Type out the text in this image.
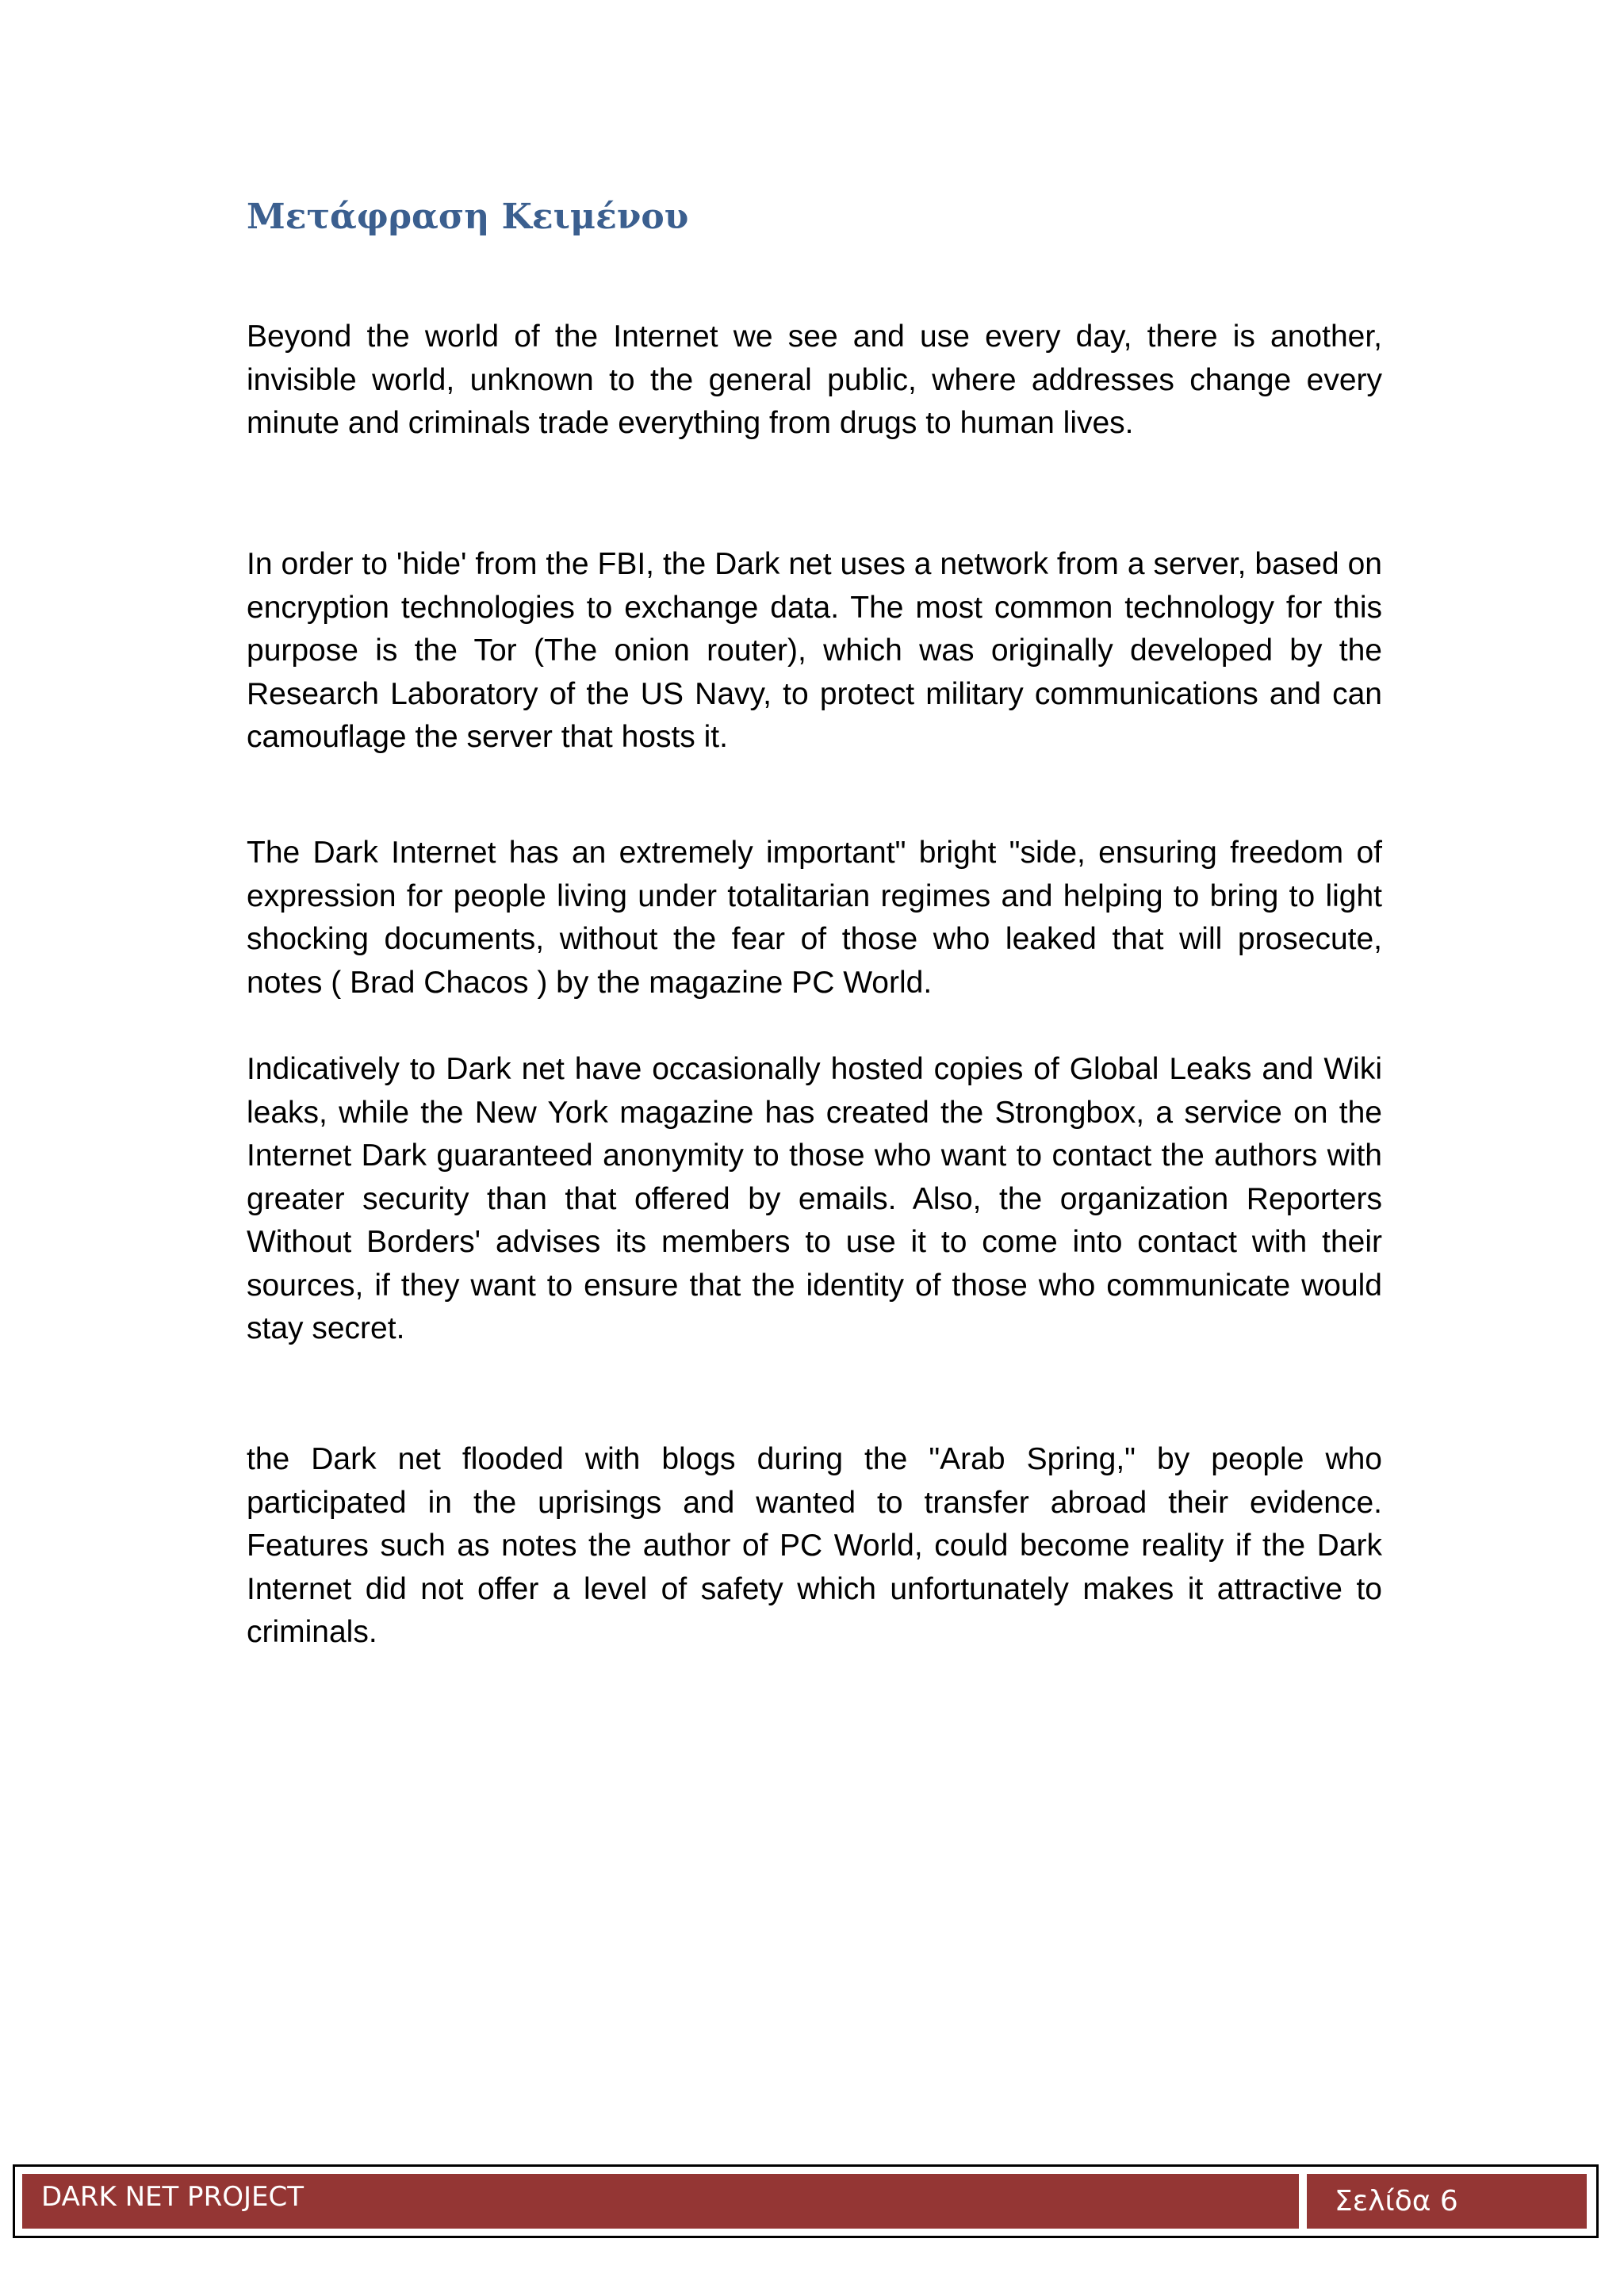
Μετάφραση Κειμένου

Beyond the world of the Internet we see and use every day, there is another, invisible world, unknown to the general public, where addresses change every minute and criminals trade everything from drugs to human lives.

In order to 'hide' from the FBI, the Dark net uses a network from a server, based on encryption technologies to exchange data. The most common technology for this purpose is the Tor (The onion router), which was originally developed by the Research Laboratory of the US Navy, to protect military communications and can camouflage the server that hosts it.

The Dark Internet has an extremely important" bright "side, ensuring freedom of expression for people living under totalitarian regimes and helping to bring to light shocking documents, without the fear of those who leaked that will prosecute, notes ( Brad Chacos ) by the magazine PC World.

Indicatively to Dark net have occasionally hosted copies of Global Leaks and Wiki leaks, while the New York magazine has created the Strongbox, a service on the Internet Dark guaranteed anonymity to those who want to contact the authors with greater security than that offered by emails. Also, the organization Reporters Without Borders' advises its members to use it to come into contact with their sources, if they want to ensure that the identity of those who communicate would stay secret.

the Dark net flooded with blogs during the "Arab Spring," by people who participated in the uprisings and wanted to transfer abroad their evidence. Features such as notes the author of PC World, could become reality if the Dark Internet did not offer a level of safety which unfortunately makes it attractive to criminals.

DARK NET PROJECT	Σελίδα 6
